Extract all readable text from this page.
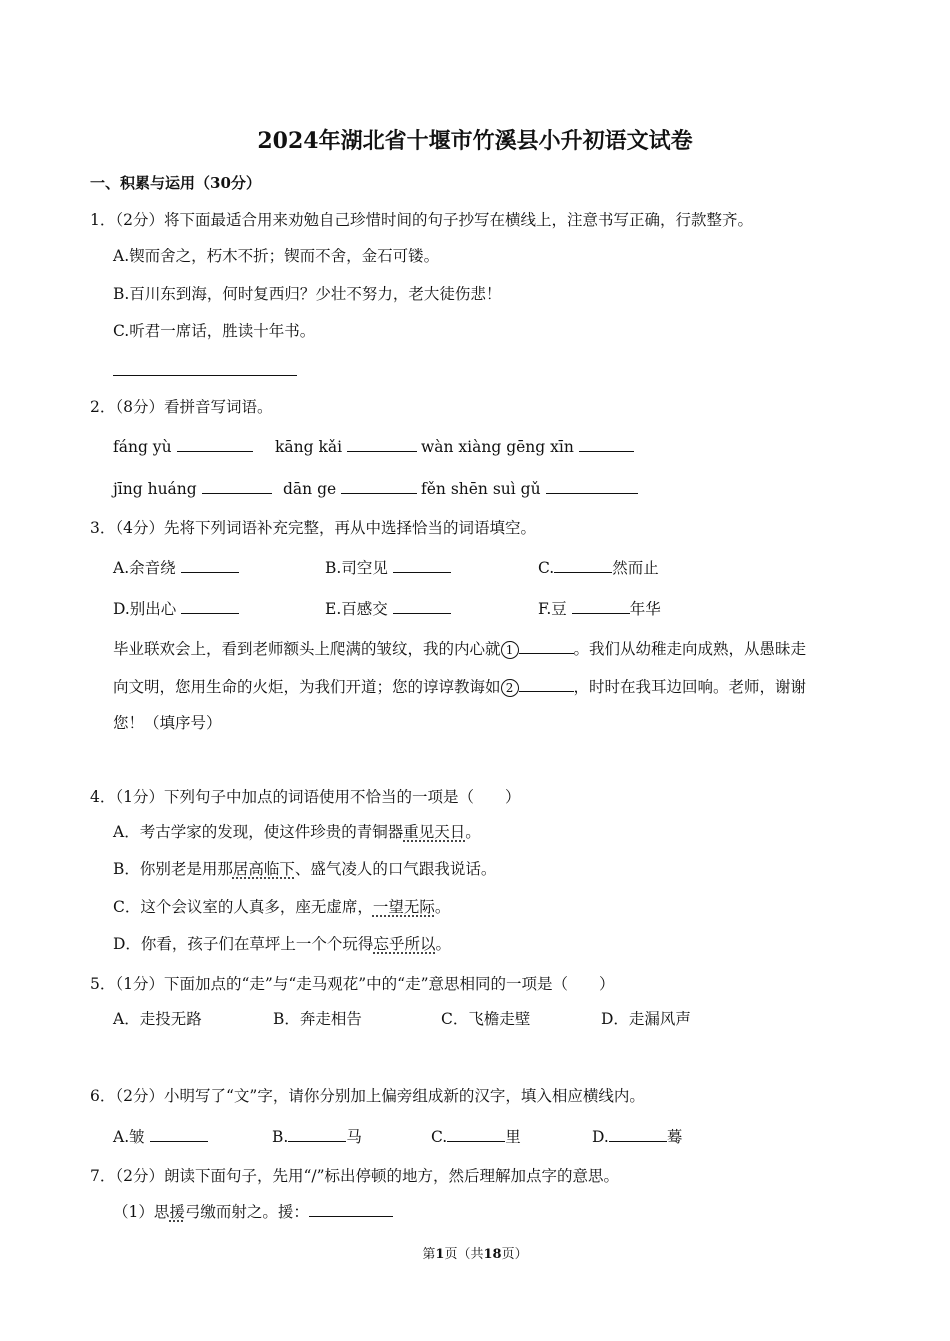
2024年湖北省十堰市竹溪县小升初语文试卷
一、积累与运用（30分）
1．（2分）将下面最适合用来劝勉自己珍惜时间的句子抄写在横线上，注意书写正确，行款整齐。
A.锲而舍之，朽木不折；锲而不舍，金石可镂。
B.百川东到海，何时复西归？少壮不努力，老大徒伤悲！
C.听君一席话，胜读十年书。
2．（8分）看拼音写词语。
fáng yù	kāng kǎi	wàn xiàng gēng xīn
jīng huáng	dān ge	fěn shēn suì gǔ
3．（4分）先将下列词语补充完整，再从中选择恰当的词语填空。
A.余音绕	B.司空见	C.	然而止
D.别出心	E.百感交	F.豆	年华
毕业联欢会上，看到老师额头上爬满的皱纹，我的内心就 1	。我们从幼稚走向成熟，从愚昧走
向文明，您用生命的火炬，为我们开道；您的谆谆教诲如 2	，时时在我耳边回响。老师，谢谢
您！（填序号）
4．（1分）下列句子中加点的词语使用不恰当的一项是（　　）
A．考古学家的发现，使这件珍贵的青铜器重见天日。
B．你别老是用那居高临下、盛气凌人的口气跟我说话。
C．这个会议室的人真多，座无虚席，一望无际。
D．你看，孩子们在草坪上一个个玩得忘乎所以。
5．（1分）下面加点的“走”与“走马观花”中的“走”意思相同的一项是（　　）
A．走投无路	B．奔走相告	C．飞檐走壁	D．走漏风声
6．（2分）小明写了“文”字，请你分别加上偏旁组成新的汉字，填入相应横线内。
A.皱	B.	马	C.	里	D.	蓦
7．（2分）朗读下面句子，先用“/”标出停顿的地方，然后理解加点字的意思。
（1）思援弓缴而射之。援：
第1页（共18页）
